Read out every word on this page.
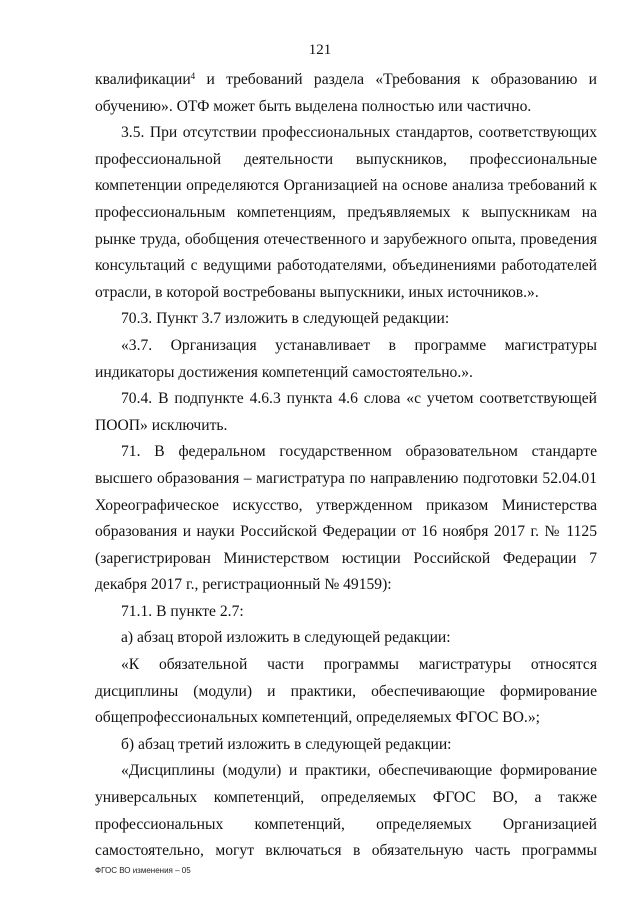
121

квалификации$^4$ и требований раздела «Требования к образованию и обучению». ОТФ может быть выделена полностью или частично.

3.5. При отсутствии профессиональных стандартов, соответствующих профессиональной деятельности выпускников, профессиональные компетенции определяются Организацией на основе анализа требований к профессиональным компетенциям, предъявляемых к выпускникам на рынке труда, обобщения отечественного и зарубежного опыта, проведения консультаций с ведущими работодателями, объединениями работодателей отрасли, в которой востребованы выпускники, иных источников.».

70.3. Пункт 3.7 изложить в следующей редакции:

«3.7. Организация устанавливает в программе магистратуры индикаторы достижения компетенций самостоятельно.».

70.4. В подпункте 4.6.3 пункта 4.6 слова «с учетом соответствующей ПООП» исключить.

71. В федеральном государственном образовательном стандарте высшего образования – магистратура по направлению подготовки 52.04.01 Хореографическое искусство, утвержденном приказом Министерства образования и науки Российской Федерации от 16 ноября 2017 г. № 1125 (зарегистрирован Министерством юстиции Российской Федерации 7 декабря 2017 г., регистрационный № 49159):

71.1. В пункте 2.7:

а) абзац второй изложить в следующей редакции:

«К обязательной части программы магистратуры относятся дисциплины (модули) и практики, обеспечивающие формирование общепрофессиональных компетенций, определяемых ФГОС ВО.»;

б) абзац третий изложить в следующей редакции:

«Дисциплины (модули) и практики, обеспечивающие формирование универсальных компетенций, определяемых ФГОС ВО, а также профессиональных компетенций, определяемых Организацией самостоятельно, могут включаться в обязательную часть программы

ФГОС ВО изменения – 05
